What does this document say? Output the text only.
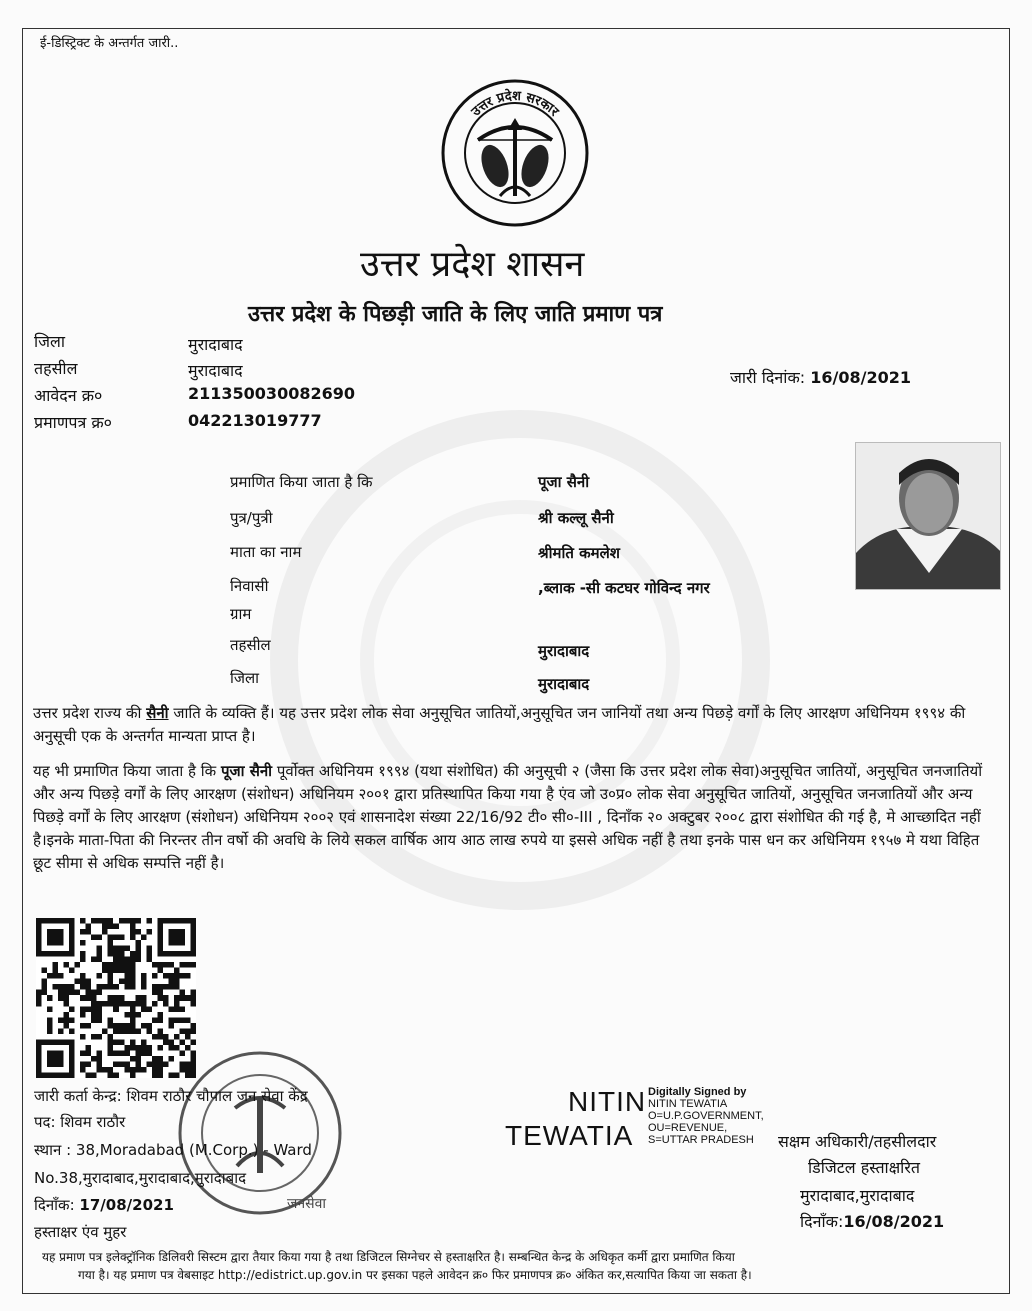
ई-डिस्ट्रिक्ट के अन्तर्गत जारी..
उत्तर प्रदेश सरकार
उत्तर प्रदेश शासन
उत्तर प्रदेश के पिछड़ी जाति के लिए जाति प्रमाण पत्र
जिला	मुरादाबाद
तहसील	मुरादाबाद
आवेदन क्र०	211350030082690
प्रमाणपत्र क्र०	042213019777
जारी दिनांक: 16/08/2021
प्रमाणित किया जाता है कि	पूजा सैनी
पुत्र/पुत्री	श्री कल्लू सैनी
माता का नाम	श्रीमति कमलेश
निवासी	,ब्लाक -सी कटघर गोविन्द नगर
ग्राम
तहसील	मुरादाबाद
जिला	मुरादाबाद
उत्तर प्रदेश राज्य की सैनी जाति के व्यक्ति हैं। यह उत्तर प्रदेश लोक सेवा अनुसूचित जातियों,अनुसूचित जन जानियों तथा अन्य पिछड़े वर्गों के लिए आरक्षण अधिनियम १९९४ की अनुसूची एक के अन्तर्गत मान्यता प्राप्त है।
यह भी प्रमाणित किया जाता है कि पूजा सैनी पूर्वोक्त अधिनियम १९९४ (यथा संशोधित) की अनुसूची २ (जैसा कि उत्तर प्रदेश लोक सेवा)अनुसूचित जातियों, अनुसूचित जनजातियों और अन्य पिछड़े वर्गों के लिए आरक्षण (संशोधन) अधिनियम २००१ द्वारा प्रतिस्थापित किया गया है एंव जो उ०प्र० लोक सेवा अनुसूचित जातियों, अनुसूचित जनजातियों और अन्य पिछड़े वर्गों के लिए आरक्षण (संशोधन) अधिनियम २००२ एवं शासनादेश संख्या 22/16/92 टी० सी०-III , दिनाँक २० अक्टुबर २००८ द्वारा संशोधित की गई है, मे आच्छादित नहीं है।इनके माता-पिता की निरन्तर तीन वर्षो की अवधि के लिये सकल वार्षिक आय आठ लाख रुपये या इससे अधिक नहीं है तथा इनके पास धन कर अधिनियम १९५७ मे यथा विहित छूट सीमा से अधिक सम्पत्ति नहीं है।
जनसेवा
जारी कर्ता केन्द्र: शिवम राठौर चौपाल जन सेवा केंद्र
पद: शिवम राठौर
स्थान : 38,Moradabad (M.Corp.) - Ward
No.38,मुरादाबाद,मुरादाबाद,मुरादाबाद
दिनाँक: 17/08/2021
हस्ताक्षर एंव मुहर
NITIN
TEWATIA
Digitally Signed by
NITIN TEWATIA
O=U.P.GOVERNMENT,
OU=REVENUE,
S=UTTAR PRADESH	सक्षम अधिकारी/तहसीलदार
डिजिटल हस्ताक्षरित
मुरादाबाद,मुरादाबाद
दिनाँक:16/08/2021
यह प्रमाण पत्र इलेक्ट्रॉनिक डिलिवरी सिस्टम द्वारा तैयार किया गया है तथा डिजिटल सिग्नेचर से हस्ताक्षरित है। सम्बन्धित केन्द्र के अधिकृत कर्मी द्वारा प्रमाणित किया
गया है। यह प्रमाण पत्र वेबसाइट http://edistrict.up.gov.in पर इसका पहले आवेदन क्र० फिर प्रमाणपत्र क्र० अंकित कर,सत्यापित किया जा सकता है।
